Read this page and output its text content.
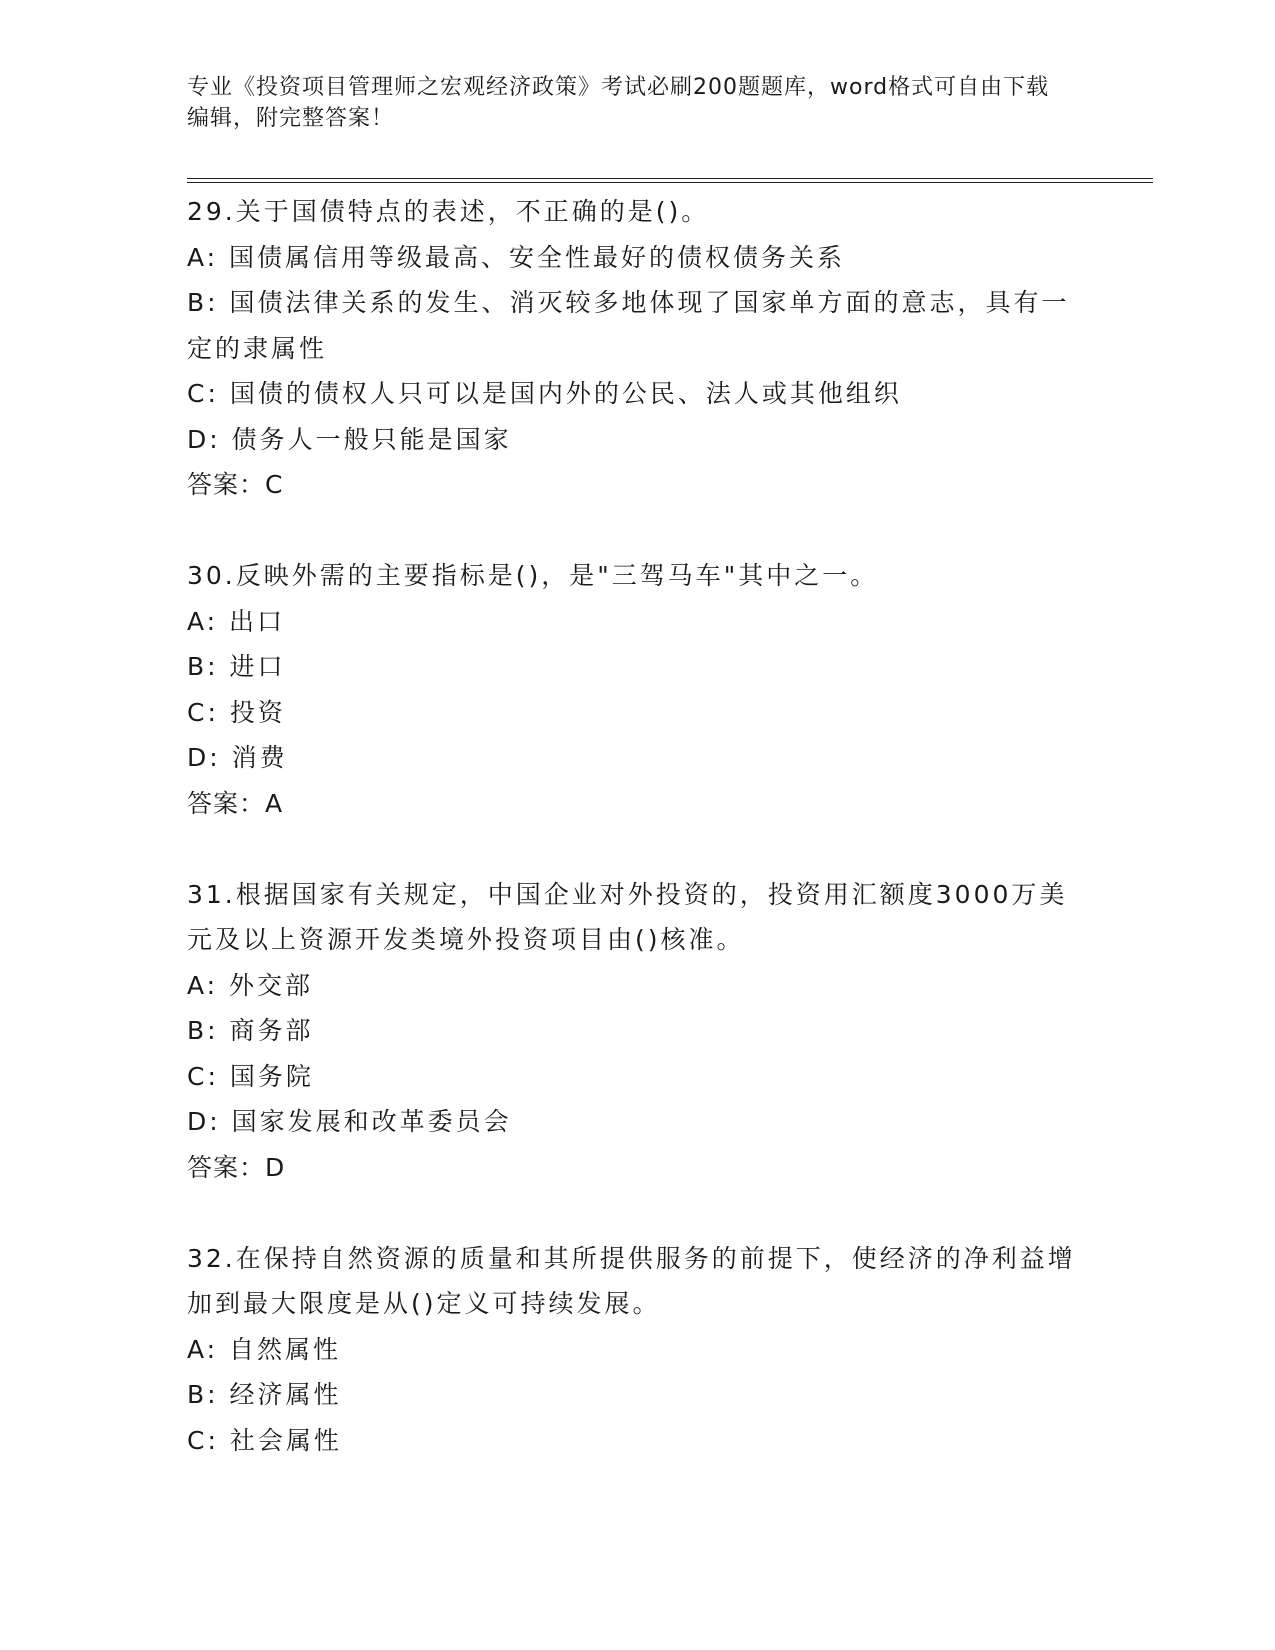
专业《投资项目管理师之宏观经济政策》考试必刷200题题库，word格式可自由下载编辑，附完整答案！
29.关于国债特点的表述，不正确的是()。
A: 国债属信用等级最高、安全性最好的债权债务关系
B: 国债法律关系的发生、消灭较多地体现了国家单方面的意志，具有一定的隶属性
C: 国债的债权人只可以是国内外的公民、法人或其他组织
D: 债务人一般只能是国家
答案：C
30.反映外需的主要指标是()，是"三驾马车"其中之一。
A: 出口
B: 进口
C: 投资
D: 消费
答案：A
31.根据国家有关规定，中国企业对外投资的，投资用汇额度3000万美元及以上资源开发类境外投资项目由()核准。
A: 外交部
B: 商务部
C: 国务院
D: 国家发展和改革委员会
答案：D
32.在保持自然资源的质量和其所提供服务的前提下，使经济的净利益增加到最大限度是从()定义可持续发展。
A: 自然属性
B: 经济属性
C: 社会属性
